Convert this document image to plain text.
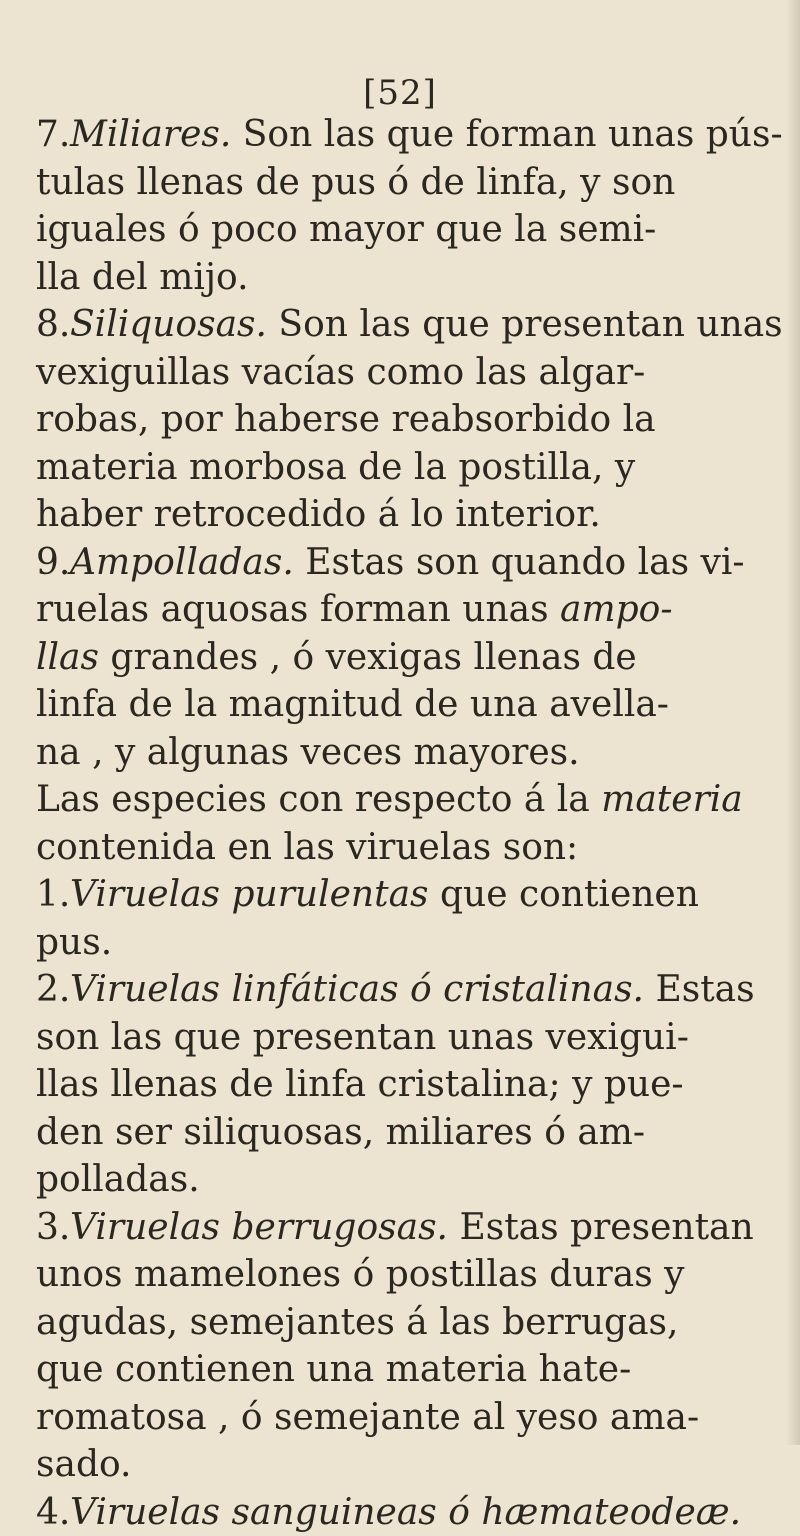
[52]

7.Miliares. Son las que forman unas pús-
tulas llenas de pus ó de linfa, y son
iguales ó poco mayor que la semi-
lla del mijo.

8.Siliquosas. Son las que presentan unas
vexiguillas vacías como las algar-
robas, por haberse reabsorbido la
materia morbosa de la postilla, y
haber retrocedido á lo interior.

9.Ampolladas. Estas son quando las vi-
ruelas aquosas forman unas ampo-
llas grandes , ó vexigas llenas de
linfa de la magnitud de una avella-
na , y algunas veces mayores.

Las especies con respecto á la materia
contenida en las viruelas son:

1.Viruelas purulentas que contienen
pus.

2.Viruelas linfáticas ó cristalinas. Estas
son las que presentan unas vexigui-
llas llenas de linfa cristalina; y pue-
den ser siliquosas, miliares ó am-
polladas.

3.Viruelas berrugosas. Estas presentan
unos mamelones ó postillas duras y
agudas, semejantes á las berrugas,
que contienen una materia hate-
romatosa , ó semejante al yeso ama-
sado.

4.Viruelas sanguineas ó hæmateodeæ.
